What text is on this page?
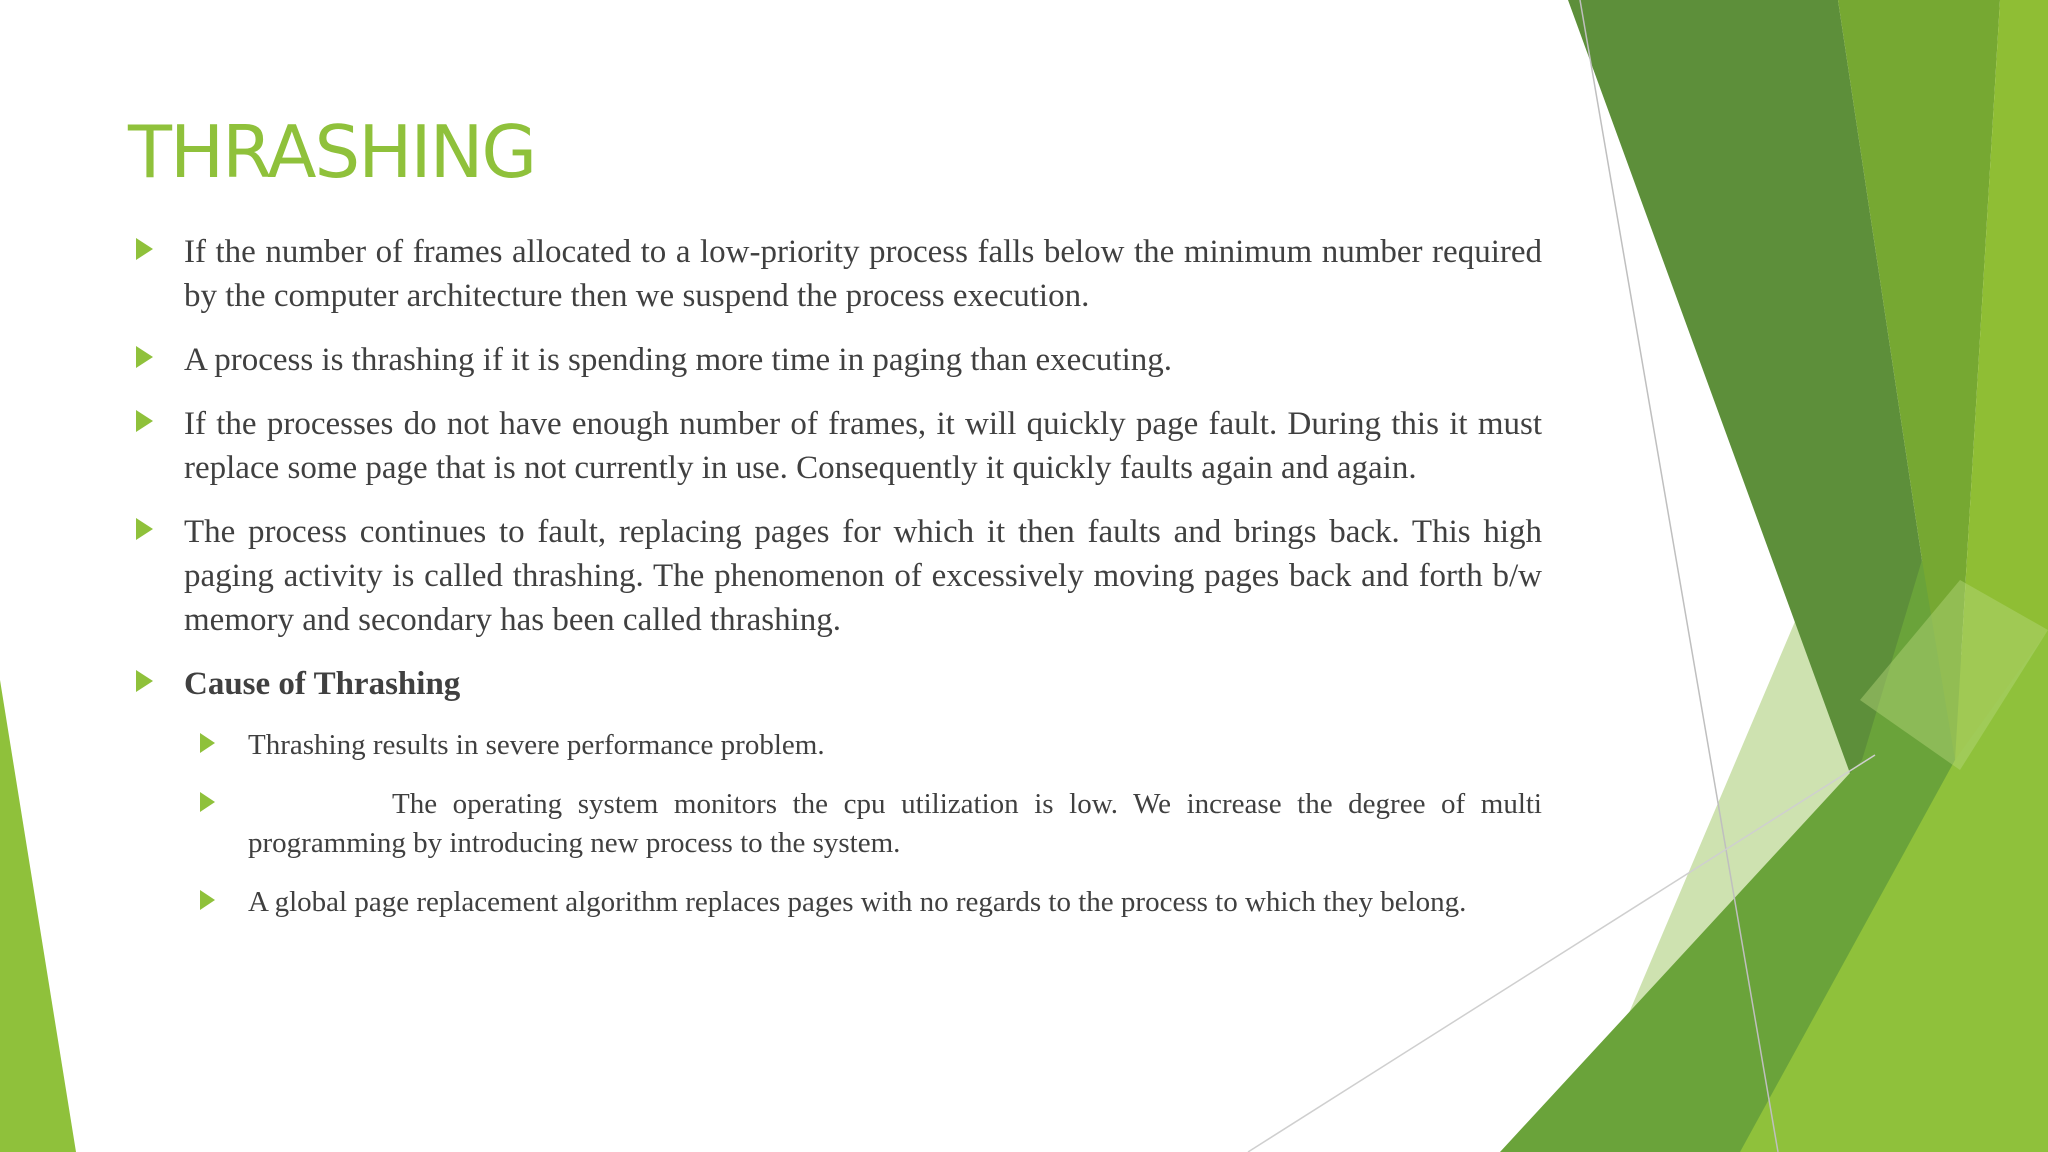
THRASHING
If the number of frames allocated to a low-priority process falls below the minimum number required by the computer architecture then we suspend the process execution.
A process is thrashing if it is spending more time in paging than executing.
If the processes do not have enough number of frames, it will quickly page fault. During this it must replace some page that is not currently in use. Consequently it quickly faults again and again.
The process continues to fault, replacing pages for which it then faults and brings back. This high paging activity is called thrashing. The phenomenon of excessively moving pages back and forth b/w memory and secondary has been called thrashing.
Cause of Thrashing
Thrashing results in severe performance problem.
The operating system monitors the cpu utilization is low. We increase the degree of multi programming by introducing new process to the system.
A global page replacement algorithm replaces pages with no regards to the process to which they belong.
